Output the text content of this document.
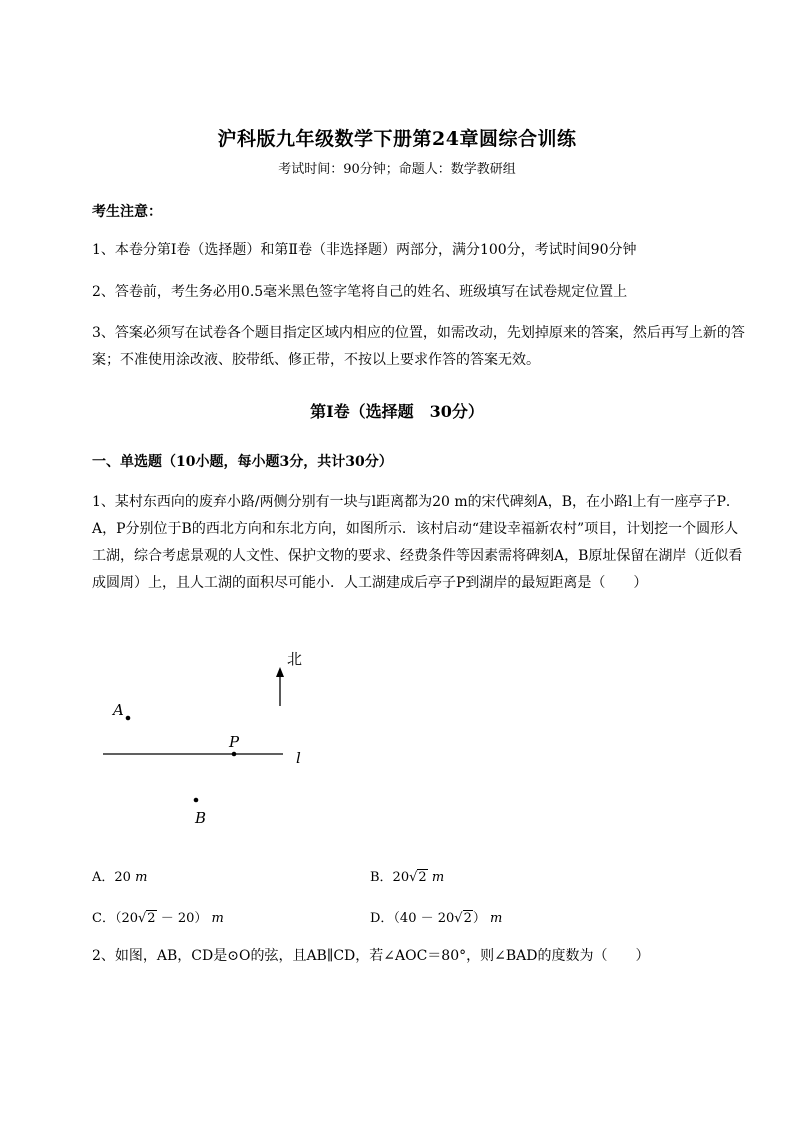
沪科版九年级数学下册第24章圆综合训练
考试时间：90分钟；命题人：数学教研组
考生注意：
1、本卷分第I卷（选择题）和第Ⅱ卷（非选择题）两部分，满分100分，考试时间90分钟
2、答卷前，考生务必用0.5毫米黑色签字笔将自己的姓名、班级填写在试卷规定位置上
3、答案必须写在试卷各个题目指定区域内相应的位置，如需改动，先划掉原来的答案，然后再写上新的答案；不准使用涂改液、胶带纸、修正带，不按以上要求作答的答案无效。
第I卷（选择题　30分）
一、单选题（10小题，每小题3分，共计30分）
1、某村东西向的废弃小路/两侧分别有一块与l距离都为20 m的宋代碑刻A，B，在小路l上有一座亭子P． A，P分别位于B的西北方向和东北方向，如图所示．该村启动“建设幸福新农村”项目，计划挖一个圆形人工湖，综合考虑景观的人文性、保护文物的要求、经费条件等因素需将碑刻A，B原址保留在湖岸（近似看成圆周）上，且人工湖的面积尽可能小．人工湖建成后亭子P到湖岸的最短距离是（　　）
北
A
P
l
B
A．20 m	B．20√2 m
C．（20√2 － 20） m	D．（40 － 20√2） m
2、如图，AB，CD是⊙O的弦，且AB∥CD，若∠AOC＝80°，则∠BAD的度数为（　　）
